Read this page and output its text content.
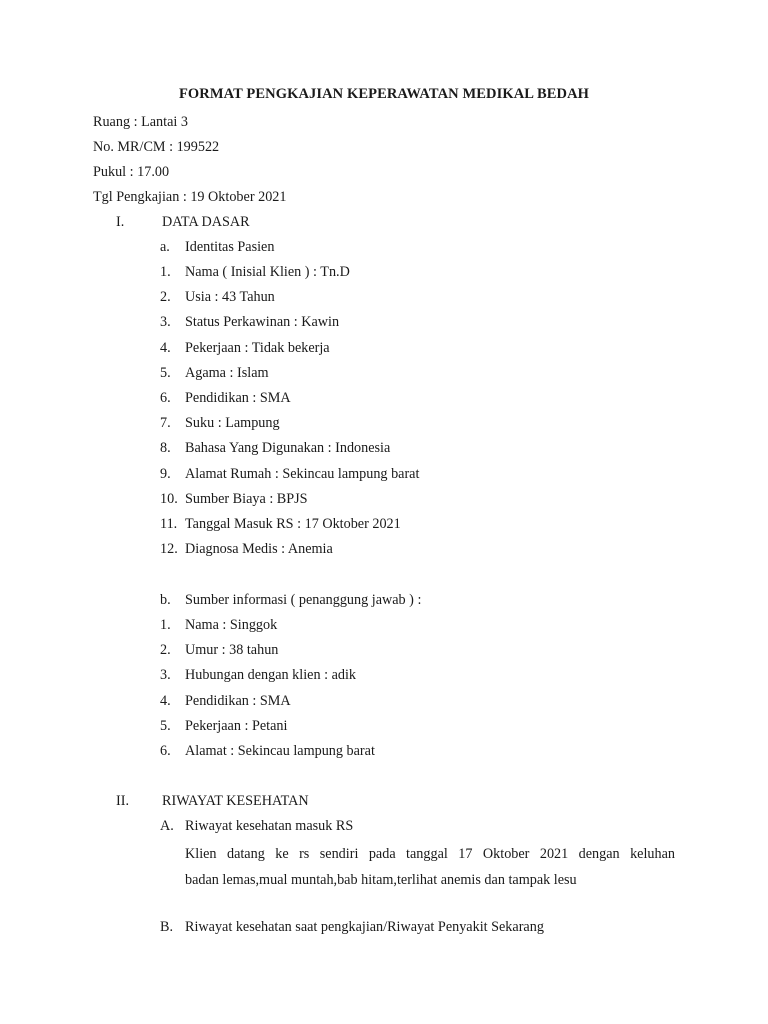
FORMAT PENGKAJIAN KEPERAWATAN MEDIKAL BEDAH
Ruang : Lantai 3
No. MR/CM : 199522
Pukul : 17.00
Tgl Pengkajian : 19 Oktober 2021
I.	DATA DASAR
a. Identitas Pasien
1. Nama ( Inisial Klien ) : Tn.D
2. Usia : 43 Tahun
3. Status Perkawinan : Kawin
4. Pekerjaan : Tidak bekerja
5. Agama : Islam
6. Pendidikan : SMA
7. Suku : Lampung
8. Bahasa Yang Digunakan : Indonesia
9. Alamat Rumah : Sekincau lampung barat
10. Sumber Biaya : BPJS
11. Tanggal Masuk RS : 17 Oktober 2021
12. Diagnosa Medis : Anemia
b. Sumber informasi ( penanggung jawab ) :
1. Nama : Singgok
2. Umur : 38 tahun
3. Hubungan dengan klien : adik
4. Pendidikan : SMA
5. Pekerjaan : Petani
6. Alamat : Sekincau lampung barat
II. RIWAYAT KESEHATAN
A. Riwayat kesehatan masuk RS
Klien datang ke rs sendiri pada tanggal 17 Oktober 2021 dengan keluhan
badan lemas,mual muntah,bab hitam,terlihat anemis dan tampak lesu
B. Riwayat kesehatan saat pengkajian/Riwayat Penyakit Sekarang
